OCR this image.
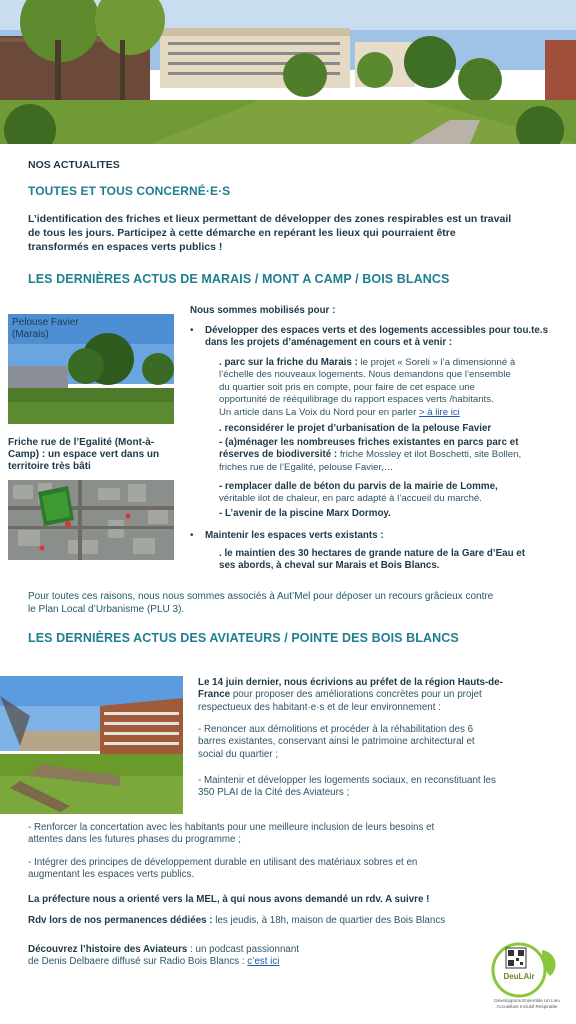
NOS ACTUALITES
TOUTES ET TOUS CONCERNÉ·E·S
L’identification des friches et lieux permettant de développer des zones respirables est un travail
de tous les jours. Participez à cette démarche en repérant les lieux qui pourraient être
transformés en espaces verts publics !
LES DERNIÈRES ACTUS DE MARAIS / MONT A CAMP / BOIS BLANCS
Pelouse Favier
(Marais)
Friche rue de l’Egalité (Mont-à-
Camp) : un espace vert dans un
territoire très bâti
Nous sommes mobilisés pour :
• Développer des espaces verts et des logements accessibles pour tou.te.s
dans les projets d’aménagement en cours et à venir :
. parc sur la friche du Marais : le projet « Soreli » l’a dimensionné à
l’échelle des nouveaux logements. Nous demandons que l’ensemble
du quartier soit pris en compte, pour faire de cet espace une
opportunité de rééquilibrage du rapport espaces verts /habitants.
Un article dans La Voix du Nord pour en parler > à lire ici
. reconsidérer le projet d’urbanisation de la pelouse Favier
- (a)ménager les nombreuses friches existantes en parcs parc et
réserves de biodiversité : friche Mossley et ilot Boschetti, site Bollen,
friches rue de l’Egalité, pelouse Favier,…
- remplacer dalle de béton du parvis de la mairie de Lomme,
véritable ilot de chaleur, en parc adapté à l’accueil du marché.
- L’avenir de la piscine Marx Dormoy.
• Maintenir les espaces verts existants :
. le maintien des 30 hectares de grande nature de la Gare d’Eau et
ses abords, à cheval sur Marais et Bois Blancs.
Pour toutes ces raisons, nous nous sommes associés à Aut’Mel pour déposer un recours grâcieux contre
le Plan Local d’Urbanisme (PLU 3).
LES DERNIÈRES ACTUS DES AVIATEURS / POINTE DES BOIS BLANCS
Le 14 juin dernier, nous écrivions au préfet de la région Hauts-de-
France pour proposer des améliorations concrètes pour un projet
respectueux des habitant·e·s et de leur environnement :
- Renoncer aux démolitions et procéder à la réhabilitation des 6
barres existantes, conservant ainsi le patrimoine architectural et
social du quartier ;
- Maintenir et développer les logements sociaux, en reconstituant les
350 PLAI de la Cité des Aviateurs ;
- Renforcer la concertation avec les habitants pour une meilleure inclusion de leurs besoins et
attentes dans les futures phases du programme ;
- Intégrer des principes de développement durable en utilisant des matériaux sobres et en
augmentant les espaces verts publics.
La préfecture nous a orienté vers la MEL, à qui nous avons demandé un rdv. A suivre !
Rdv lors de nos permanences dédiées : les jeudis, à 18h, maison de quartier des Bois Blancs
Découvrez l’histoire des Aviateurs : un podcast passionnant
de Denis Delbaere diffusé sur Radio Bois Blancs : c’est ici
DeuLAir
Développons Ensemble Un Lieu
Accueillant Inclusif Respirable
